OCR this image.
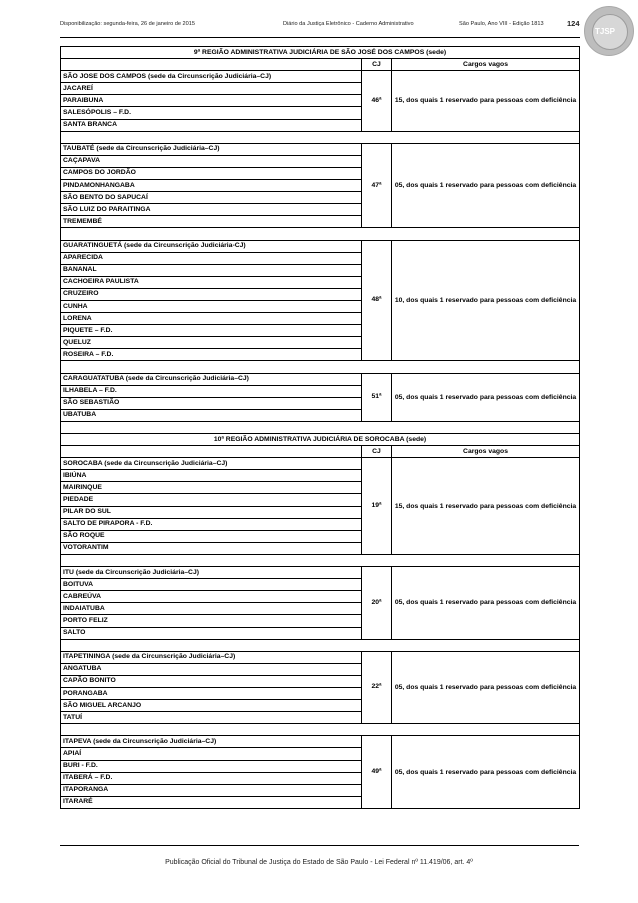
Disponibilização: segunda-feira, 26 de janeiro de 2015	Diário da Justiça Eletrônico - Caderno Administrativo	São Paulo, Ano VIII - Edição 1813	124
TJSP
9ª REGIÃO ADMINISTRATIVA JUDICIÁRIA DE SÃO JOSÉ DOS CAMPOS (sede)		
	CJ	Cargos vagos
SÃO JOSE DOS CAMPOS (sede da Circunscrição Judiciária–CJ)	46ª	15, dos quais 1 reservado para pessoas com deficiência
JACAREÍ		
PARAIBUNA		
SALESÓPOLIS – F.D.		
SANTA BRANCA		

TAUBATÉ (sede da Circunscrição Judiciária–CJ)	47ª	05, dos quais 1 reservado para pessoas com deficiência
CAÇAPAVA		
CAMPOS DO JORDÃO		
PINDAMONHANGABA		
SÃO BENTO DO SAPUCAÍ		
SÃO LUIZ DO PARAITINGA		
TREMEMBÉ		

GUARATINGUETÁ (sede da Circunscrição Judiciária-CJ)	48ª	10, dos quais 1 reservado para pessoas com deficiência
APARECIDA		
BANANAL		
CACHOEIRA PAULISTA		
CRUZEIRO		
CUNHA		
LORENA		
PIQUETE – F.D.		
QUELUZ		
ROSEIRA – F.D.		

CARAGUATATUBA (sede da Circunscrição Judiciária–CJ)	51ª	05, dos quais 1 reservado para pessoas com deficiência
ILHABELA – F.D.		
SÃO SEBASTIÃO		
UBATUBA		

10ª REGIÃO ADMINISTRATIVA JUDICIÁRIA DE SOROCABA (sede)		
	CJ	Cargos vagos
SOROCABA (sede da Circunscrição Judiciária–CJ)	19ª	15, dos quais 1 reservado para pessoas com deficiência
IBIÚNA		
MAIRINQUE		
PIEDADE		
PILAR DO SUL		
SALTO DE PIRAPORA - F.D.		
SÃO ROQUE		
VOTORANTIM		

ITU (sede da Circunscrição Judiciária–CJ)	20ª	05, dos quais 1 reservado para pessoas com deficiência
BOITUVA		
CABREÚVA		
INDAIATUBA		
PORTO FELIZ		
SALTO		

ITAPETININGA (sede da Circunscrição Judiciária–CJ)	22ª	05, dos quais 1 reservado para pessoas com deficiência
ANGATUBA		
CAPÃO BONITO		
PORANGABA		
SÃO MIGUEL ARCANJO		
TATUÍ		

ITAPEVA (sede da Circunscrição Judiciária–CJ)	49ª	05, dos quais 1 reservado para pessoas com deficiência
APIAÍ		
BURI - F.D.		
ITABERÁ – F.D.		
ITAPORANGA		
ITARARÉ		
Publicação Oficial do Tribunal de Justiça do Estado de São Paulo - Lei Federal nº 11.419/06, art. 4º
